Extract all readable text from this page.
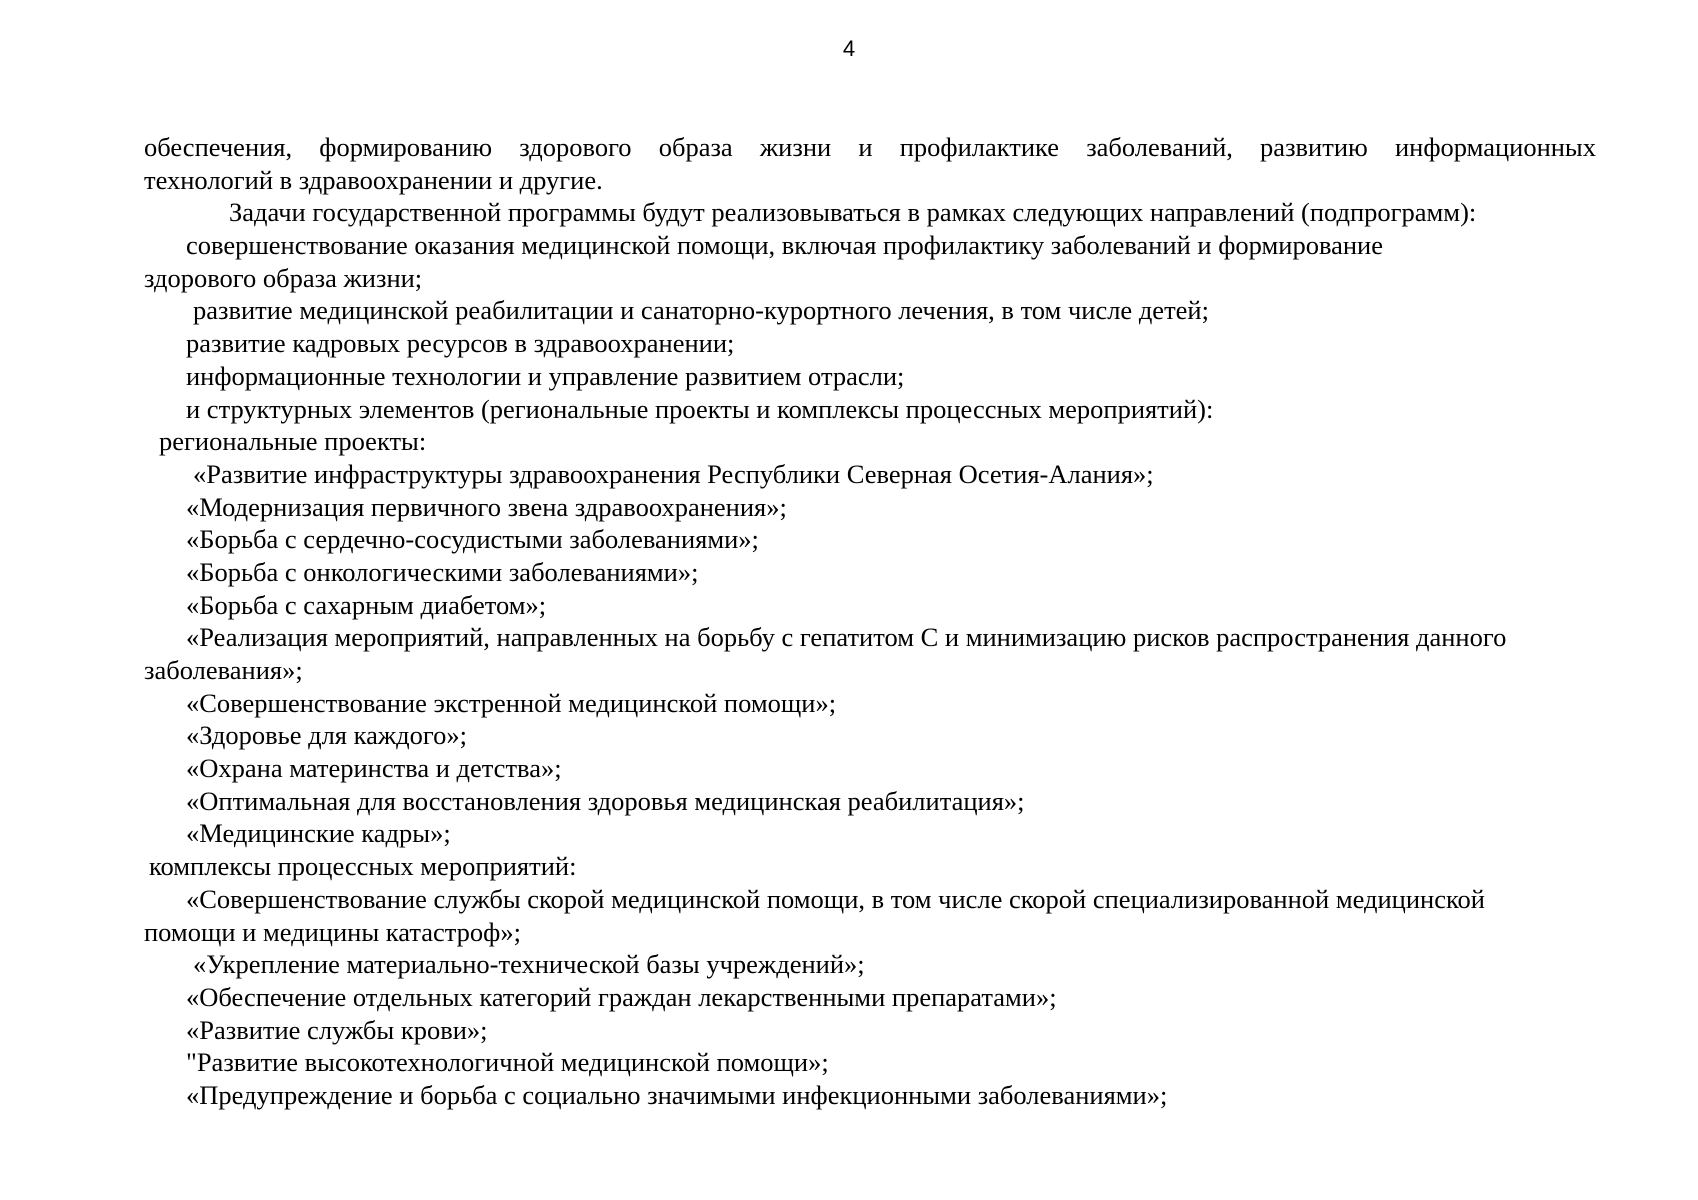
4
обеспечения, формированию здорового образа жизни и профилактике заболеваний, развитию информационных
технологий в здравоохранении и другие.
Задачи государственной программы будут реализовываться в рамках следующих направлений (подпрограмм):
совершенствование оказания медицинской помощи, включая профилактику заболеваний и формирование
здорового образа жизни;
развитие медицинской реабилитации и санаторно-курортного лечения, в том числе детей;
развитие кадровых ресурсов в здравоохранении;
информационные технологии и управление развитием отрасли;
и структурных элементов (региональные проекты и комплексы процессных мероприятий):
региональные проекты:
«Развитие инфраструктуры здравоохранения Республики Северная Осетия-Алания»;
«Модернизация первичного звена здравоохранения»;
«Борьба с сердечно-сосудистыми заболеваниями»;
«Борьба с онкологическими заболеваниями»;
«Борьба с сахарным диабетом»;
«Реализация мероприятий, направленных на борьбу с гепатитом С и минимизацию рисков распространения данного
заболевания»;
«Совершенствование экстренной медицинской помощи»;
«Здоровье для каждого»;
«Охрана материнства и детства»;
«Оптимальная для восстановления здоровья медицинская реабилитация»;
«Медицинские кадры»;
комплексы процессных мероприятий:
«Совершенствование службы скорой медицинской помощи, в том числе скорой специализированной медицинской
помощи и медицины катастроф»;
«Укрепление материально-технической базы учреждений»;
«Обеспечение отдельных категорий граждан лекарственными препаратами»;
«Развитие службы крови»;
"Развитие высокотехнологичной медицинской помощи»;
«Предупреждение и борьба с социально значимыми инфекционными заболеваниями»;
